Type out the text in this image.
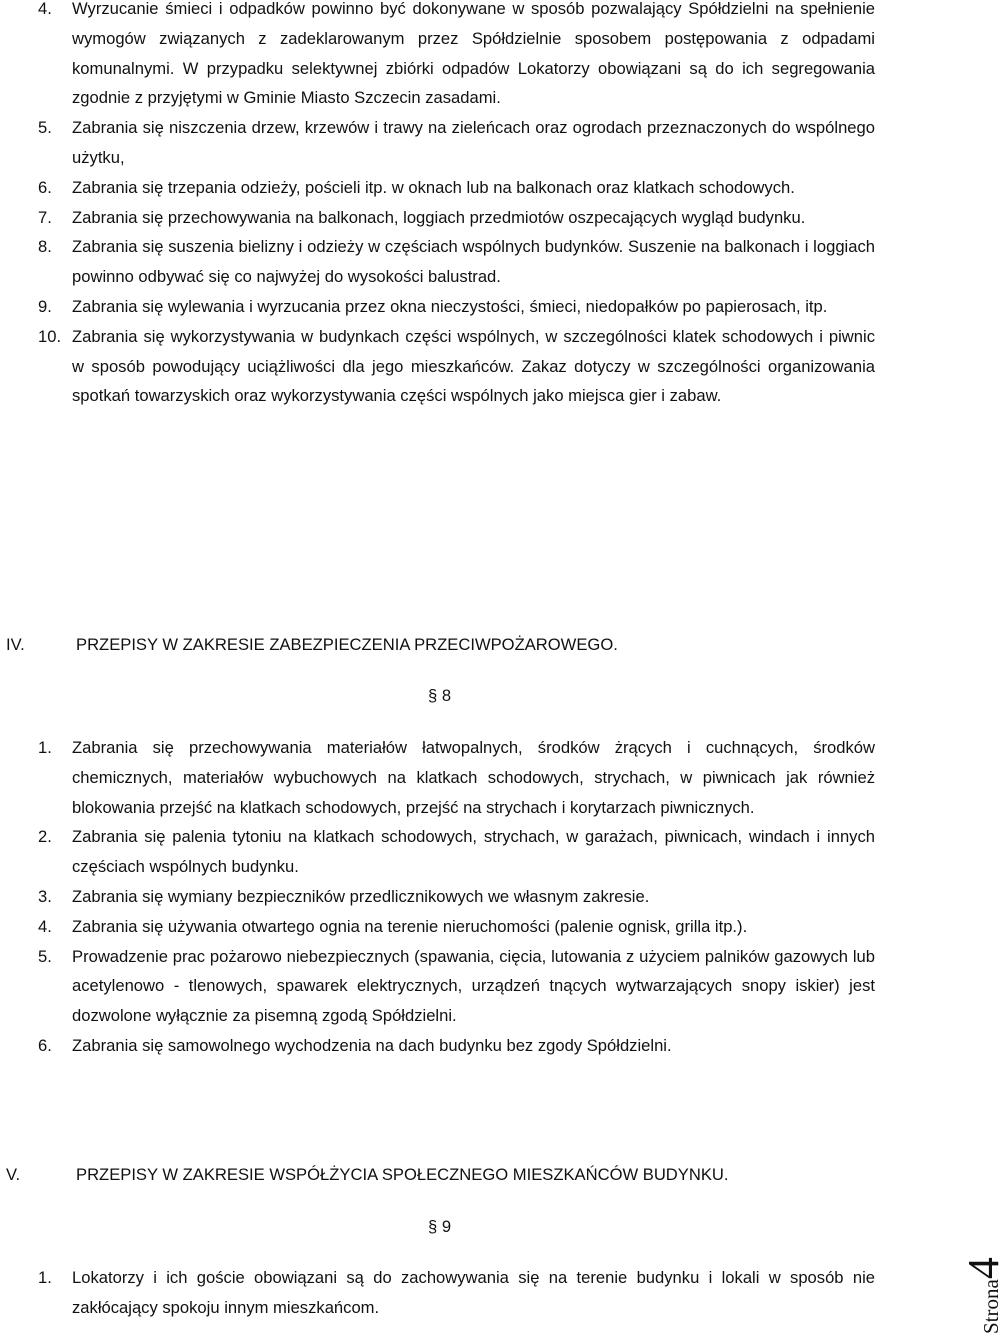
4. Wyrzucanie śmieci i odpadków powinno być dokonywane w sposób pozwalający Spółdzielni na spełnienie wymogów związanych z zadeklarowanym przez Spółdzielnie sposobem postępowania z odpadami komunalnymi. W przypadku selektywnej zbiórki odpadów Lokatorzy obowiązani są do ich segregowania zgodnie z przyjętymi w Gminie Miasto Szczecin zasadami.
5. Zabrania się niszczenia drzew, krzewów i trawy na zieleńcach oraz ogrodach przeznaczonych do wspólnego użytku,
6. Zabrania się trzepania odzieży, pościeli itp. w oknach lub na balkonach oraz klatkach schodowych.
7. Zabrania się przechowywania na balkonach, loggiach przedmiotów oszpecających wygląd budynku.
8. Zabrania się suszenia bielizny i odzieży w częściach wspólnych budynków. Suszenie na balkonach i loggiach powinno odbywać się co najwyżej do wysokości balustrad.
9. Zabrania się wylewania i wyrzucania przez okna nieczystości, śmieci, niedopałków po papierosach, itp.
10. Zabrania się wykorzystywania w budynkach części wspólnych, w szczególności klatek schodowych i piwnic w sposób powodujący uciążliwości dla jego mieszkańców. Zakaz dotyczy w szczególności organizowania spotkań towarzyskich oraz wykorzystywania części wspólnych jako miejsca gier i zabaw.
IV.	PRZEPISY W ZAKRESIE ZABEZPIECZENIA PRZECIWPOŻAROWEGO.
§ 8
1. Zabrania się przechowywania materiałów łatwopalnych, środków żrących i cuchnących, środków chemicznych, materiałów wybuchowych na klatkach schodowych, strychach, w piwnicach jak również blokowania przejść na klatkach schodowych, przejść na strychach i korytarzach piwnicznych.
2. Zabrania się palenia tytoniu na klatkach schodowych, strychach, w garażach, piwnicach, windach i innych częściach wspólnych budynku.
3. Zabrania się wymiany bezpieczników przedlicznikowych we własnym zakresie.
4. Zabrania się używania otwartego ognia na terenie nieruchomości (palenie ognisk, grilla itp.).
5. Prowadzenie prac pożarowo niebezpiecznych (spawania, cięcia, lutowania z użyciem palników gazowych lub acetylenowo - tlenowych, spawarek elektrycznych, urządzeń tnących wytwarzających snopy iskier) jest dozwolone wyłącznie za pisemną zgodą Spółdzielni.
6. Zabrania się samowolnego wychodzenia na dach budynku bez zgody Spółdzielni.
V.	PRZEPISY W ZAKRESIE WSPÓŁŻYCIA SPOŁECZNEGO MIESZKAŃCÓW BUDYNKU.
§ 9
1. Lokatorzy i ich goście obowiązani są do zachowywania się na terenie budynku i lokali w sposób nie zakłócający spokoju innym mieszkańcom.	Strona4
